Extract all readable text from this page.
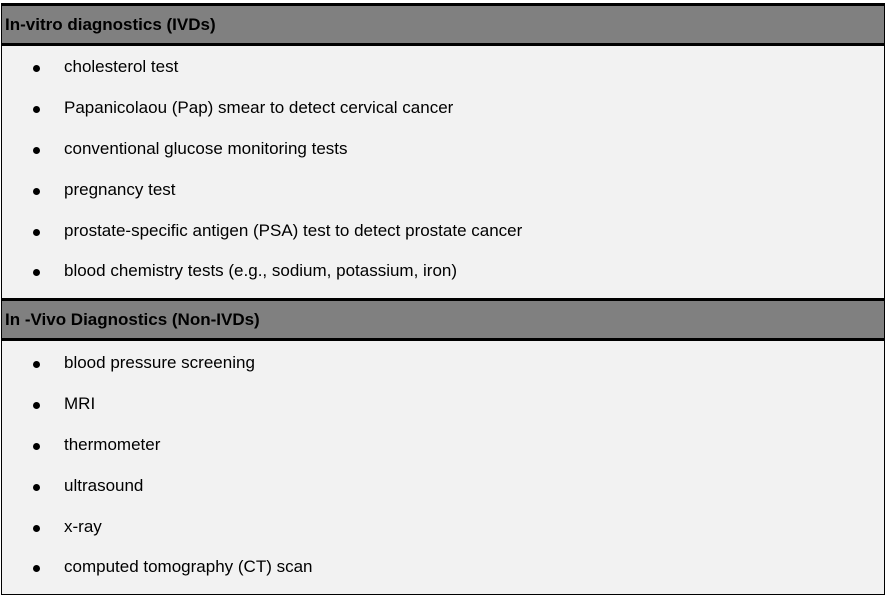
In-vitro diagnostics (IVDs)
cholesterol test
Papanicolaou (Pap) smear to detect cervical cancer
conventional glucose monitoring tests
pregnancy test
prostate-specific antigen (PSA) test to detect prostate cancer
blood chemistry tests (e.g., sodium, potassium, iron)
In -Vivo Diagnostics (Non-IVDs)
blood pressure screening
MRI
thermometer
ultrasound
x-ray
computed tomography (CT) scan
